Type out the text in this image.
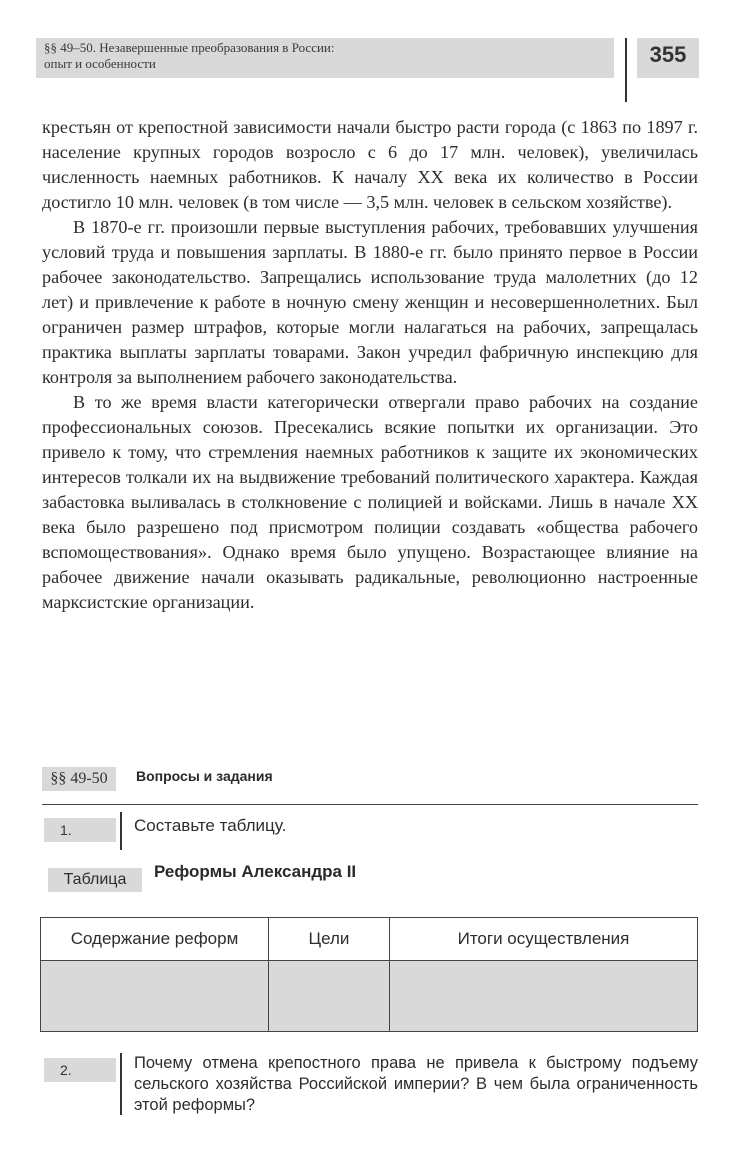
§§ 49–50. Незавершенные преобразования в России:
опыт и особенности	355

крестьян от крепостной зависимости начали быстро расти города (с 1863 по 1897 г. население крупных городов возросло с 6 до 17 млн. человек), увеличилась численность наемных работников. К началу XX века их количество в России достигло 10 млн. человек (в том числе — 3,5 млн. человек в сельском хозяйстве).

В 1870-е гг. произошли первые выступления рабочих, требовавших улучшения условий труда и повышения зарплаты. В 1880-е гг. было принято первое в России рабочее законодательство. Запрещались использование труда малолетних (до 12 лет) и привлечение к работе в ночную смену женщин и несовершеннолетних. Был ограничен размер штрафов, которые могли налагаться на рабочих, запрещалась практика выплаты зарплаты товарами. Закон учредил фабричную инспекцию для контроля за выполнением рабочего законодательства.

В то же время власти категорически отвергали право рабочих на создание профессиональных союзов. Пресекались всякие попытки их организации. Это привело к тому, что стремления наемных работников к защите их экономических интересов толкали их на выдвижение требований политического характера. Каждая забастовка выливалась в столкновение с полицией и войсками. Лишь в начале XX века было разрешено под присмотром полиции создавать «общества рабочего вспомоществования». Однако время было упущено. Возрастающее влияние на рабочее движение начали оказывать радикальные, революционно настроенные марксистские организации.

§§ 49-50	Вопросы и задания
1.	Составьте таблицу.
Таблица	Реформы Александра II
Содержание реформ	Цели	Итоги осуществления

2.	Почему отмена крепостного права не привела к быстрому подъему сельского хозяйства Российской империи? В чем была ограниченность этой реформы?
